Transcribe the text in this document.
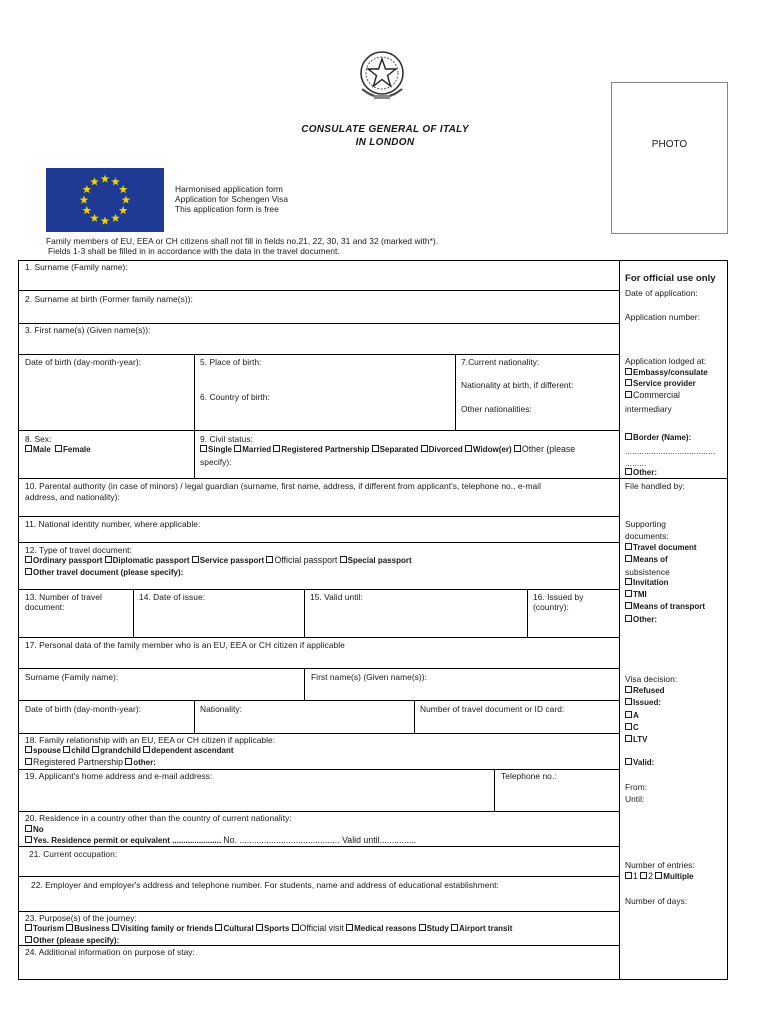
CONSULATE GENERAL OF ITALY
IN LONDON	PHOTO
Harmonised application form
Application for Schengen Visa
This application form is free
Family members of EU, EEA or CH citizens shall not fill in fields no.21, 22, 30, 31 and 32 (marked with*).
Fields 1-3 shall be filled in in accordance with the data in the travel document.
1. Surname (Family name):
2. Surname at birth (Former family name(s)):
3. First name(s) (Given name(s)):
Date of birth (day-month-year):	5. Place of birth:
6. Country of birth:
7.Current nationality:
Nationality at birth, if different:
Other nationalities:
8. Sex:
Male Female
9. Civil status:
Single Married Registered Partnership Separated Divorced Widow(er) Other (please
specify):
10. Parental authority (in case of minors) / legal guardian (surname, first name, address, if different from applicant's, telephone no., e-mail
address, and nationality):
11. National identity number, where applicable:
12. Type of travel document:
Ordinary passport Diplomatic passport Service passport Official passport Special passport
Other travel document (please specify):
13. Number of travel
document:
14. Date of issue:	15. Valid until:	16. Issued by
(country):
17. Personal data of the family member who is an EU, EEA or CH citizen if applicable
Surname (Family name):	First name(s) (Given name(s)):
Date of birth (day-month-year):	Nationality:	Number of travel document or ID card:
18. Family relationship with an EU, EEA or CH citizen if applicable:
spouse child grandchild dependent ascendant
Registered Partnership other:
19. Applicant's home address and e-mail address:	Telephone no.:
20. Residence in a country other than the country of current nationality:
No
Yes. Residence permit or equivalent ...................... No. ......................................... Valid until...............
21. Current occupation:
22. Employer and employer's address and telephone number. For students, name and address of educational establishment:
23. Purpose(s) of the journey:
Tourism Business Visiting family or friends Cultural Sports Official visit Medical reasons Study Airport transit
Other (please specify):
24. Additional information on purpose of stay:
For official use only
Date of application:
Application number:
Application lodged at:
Embassy/consulate
Service provider
Commercial
intermediary
Border (Name):
......................................
.........
Other:
File handled by:
Supporting
documents:
Travel document
Means of
subsistence
Invitation
TMI
Means of transport
Other:
Visa decision:
Refused
Issued:
A
C
LTV
Valid:
From:
Until:
Number of entries:
1 2 Multiple
Number of days:
